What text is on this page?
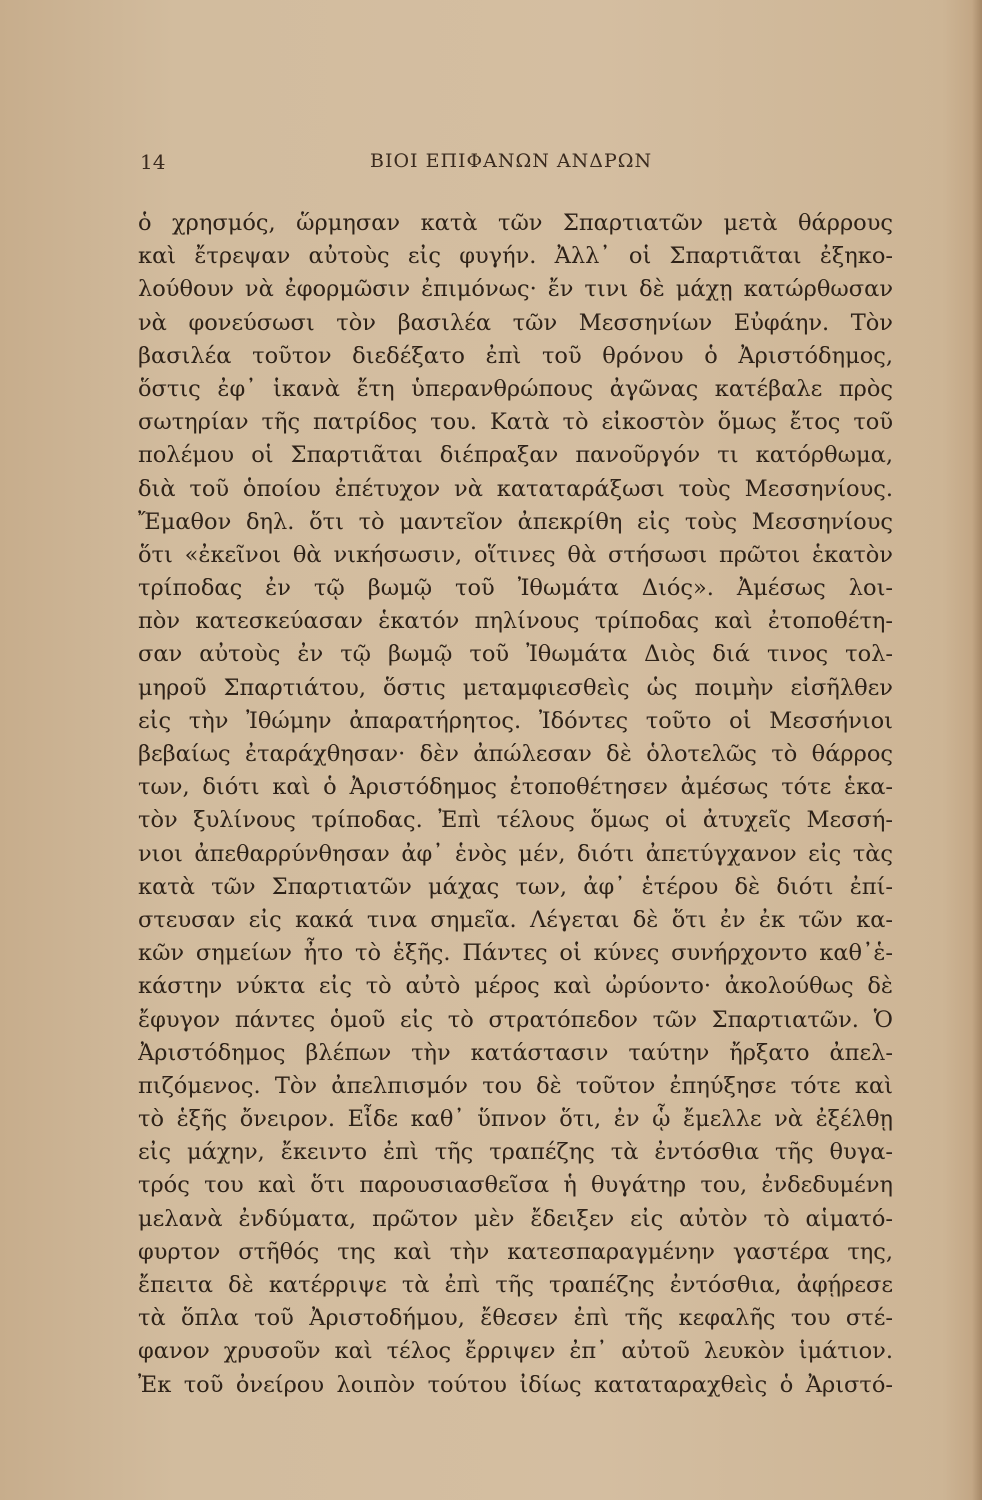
14	ΒΙΟΙ ΕΠΙΦΑΝΩΝ ΑΝΔΡΩΝ
ὁ χρησμός, ὥρμησαν κατὰ τῶν Σπαρτιατῶν μετὰ θάρρους
καὶ ἔτρεψαν αὐτοὺς εἰς φυγήν. Ἀλλ᾽ οἱ Σπαρτιᾶται ἐξηκο-
λούθουν νὰ ἐφορμῶσιν ἐπιμόνως· ἔν τινι δὲ μάχῃ κατώρθωσαν
νὰ φονεύσωσι τὸν βασιλέα τῶν Μεσσηνίων Εὐφάην. Τὸν
βασιλέα τοῦτον διεδέξατο ἐπὶ τοῦ θρόνου ὁ Ἀριστόδημος,
ὅστις ἐφ᾽ ἱκανὰ ἔτη ὑπερανθρώπους ἀγῶνας κατέβαλε πρὸς
σωτηρίαν τῆς πατρίδος του. Κατὰ τὸ εἰκοστὸν ὅμως ἔτος τοῦ
πολέμου οἱ Σπαρτιᾶται διέπραξαν πανοῦργόν τι κατόρθωμα,
διὰ τοῦ ὁποίου ἐπέτυχον νὰ καταταράξωσι τοὺς Μεσσηνίους.
Ἔμαθον δηλ. ὅτι τὸ μαντεῖον ἀπεκρίθη εἰς τοὺς Μεσσηνίους
ὅτι «ἐκεῖνοι θὰ νικήσωσιν, οἵτινες θὰ στήσωσι πρῶτοι ἑκατὸν
τρίποδας ἐν τῷ βωμῷ τοῦ Ἰθωμάτα Διός». Ἀμέσως λοι-
πὸν κατεσκεύασαν ἑκατόν πηλίνους τρίποδας καὶ ἐτοποθέτη-
σαν αὐτοὺς ἐν τῷ βωμῷ τοῦ Ἰθωμάτα Διὸς διά τινος τολ-
μηροῦ Σπαρτιάτου, ὅστις μεταμφιεσθεὶς ὡς ποιμὴν εἰσῆλθεν
εἰς τὴν Ἰθώμην ἀπαρατήρητος. Ἰδόντες τοῦτο οἱ Μεσσήνιοι
βεβαίως ἐταράχθησαν· δὲν ἀπώλεσαν δὲ ὁλοτελῶς τὸ θάρρος
των, διότι καὶ ὁ Ἀριστόδημος ἐτοποθέτησεν ἀμέσως τότε ἑκα-
τὸν ξυλίνους τρίποδας. Ἐπὶ τέλους ὅμως οἱ ἀτυχεῖς Μεσσή-
νιοι ἀπεθαρρύνθησαν ἀφ᾽ ἑνὸς μέν, διότι ἀπετύγχανον εἰς τὰς
κατὰ τῶν Σπαρτιατῶν μάχας των, ἀφ᾽ ἑτέρου δὲ διότι ἐπί-
στευσαν εἰς κακά τινα σημεῖα. Λέγεται δὲ ὅτι ἐν ἐκ τῶν κα-
κῶν σημείων ἦτο τὸ ἑξῆς. Πάντες οἱ κύνες συνήρχοντο καθ᾽ἑ-
κάστην νύκτα εἰς τὸ αὐτὸ μέρος καὶ ὠρύοντο· ἀκολούθως δὲ
ἔφυγον πάντες ὁμοῦ εἰς τὸ στρατόπεδον τῶν Σπαρτιατῶν. Ὁ
Ἀριστόδημος βλέπων τὴν κατάστασιν ταύτην ἤρξατο ἀπελ-
πιζόμενος. Τὸν ἀπελπισμόν του δὲ τοῦτον ἐπηύξησε τότε καὶ
τὸ ἑξῆς ὄνειρον. Εἶδε καθ᾽ ὕπνον ὅτι, ἐν ᾧ ἔμελλε νὰ ἐξέλθῃ
εἰς μάχην, ἔκειντο ἐπὶ τῆς τραπέζης τὰ ἐντόσθια τῆς θυγα-
τρός του καὶ ὅτι παρουσιασθεῖσα ἡ θυγάτηρ του, ἐνδεδυμένη
μελανὰ ἐνδύματα, πρῶτον μὲν ἔδειξεν εἰς αὐτὸν τὸ αἱματό-
φυρτον στῆθός της καὶ τὴν κατεσπαραγμένην γαστέρα της,
ἔπειτα δὲ κατέρριψε τὰ ἐπὶ τῆς τραπέζης ἐντόσθια, ἀφῄρεσε
τὰ ὅπλα τοῦ Ἀριστοδήμου, ἔθεσεν ἐπὶ τῆς κεφαλῆς του στέ-
φανον χρυσοῦν καὶ τέλος ἔρριψεν ἐπ᾽ αὐτοῦ λευκὸν ἱμάτιον.
Ἐκ τοῦ ὀνείρου λοιπὸν τούτου ἰδίως καταταραχθεὶς ὁ Ἀριστό-
